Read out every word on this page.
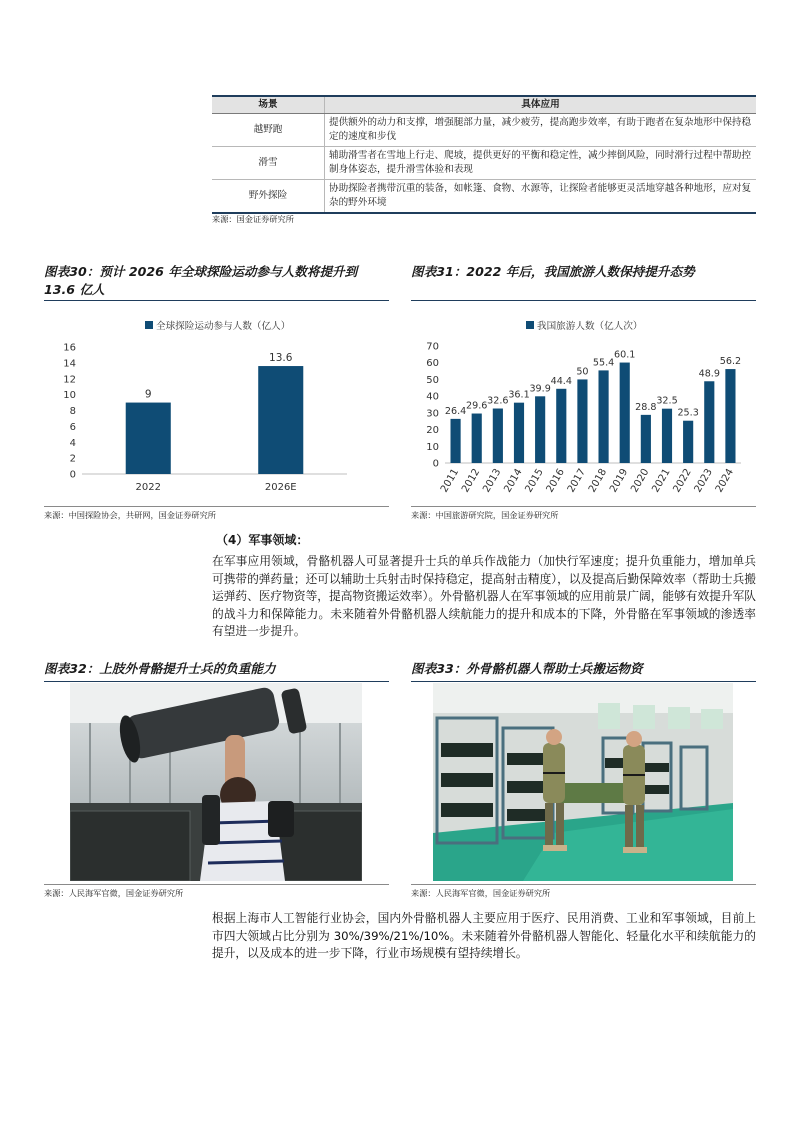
场景	具体应用
越野跑	提供额外的动力和支撑，增强腿部力量，减少疲劳，提高跑步效率，有助于跑者在复杂地形中保持稳定的速度和步伐
滑雪	辅助滑雪者在雪地上行走、爬坡，提供更好的平衡和稳定性，减少摔倒风险，同时滑行过程中帮助控制身体姿态，提升滑雪体验和表现
野外探险	协助探险者携带沉重的装备，如帐篷、食物、水源等，让探险者能够更灵活地穿越各种地形，应对复杂的野外环境
来源：国金证券研究所
图表30：预计 2026 年全球探险运动参与人数将提升到 13.6 亿人
全球探险运动参与人数（亿人）
0
2
4
6
8
10
12
14
16
9
2022
13.6
2026E
来源：中国探险协会，共研网，国金证券研究所
图表31：2022 年后，我国旅游人数保持提升态势
我国旅游人数（亿人次）
0
10
20
30
40
50
60
70
26.4
2011
29.6
2012
32.6
2013
36.1
2014
39.9
2015
44.4
2016
50
2017
55.4
2018
60.1
2019
28.8
2020
32.5
2021
25.3
2022
48.9
2023
56.2
2024
来源：中国旅游研究院，国金证券研究所
（4）军事领域：
在军事应用领域，骨骼机器人可显著提升士兵的单兵作战能力（加快行军速度；提升负重能力，增加单兵可携带的弹药量；还可以辅助士兵射击时保持稳定，提高射击精度），以及提高后勤保障效率（帮助士兵搬运弹药、医疗物资等，提高物资搬运效率）。外骨骼机器人在军事领域的应用前景广阔，能够有效提升军队的战斗力和保障能力。未来随着外骨骼机器人续航能力的提升和成本的下降，外骨骼在军事领域的渗透率有望进一步提升。
图表32：上肢外骨骼提升士兵的负重能力
来源：人民海军官微，国金证券研究所
图表33：外骨骼机器人帮助士兵搬运物资
来源：人民海军官微，国金证券研究所
根据上海市人工智能行业协会，国内外骨骼机器人主要应用于医疗、民用消费、工业和军事领域，目前上市四大领域占比分别为 30%/39%/21%/10%。未来随着外骨骼机器人智能化、轻量化水平和续航能力的提升，以及成本的进一步下降，行业市场规模有望持续增长。
